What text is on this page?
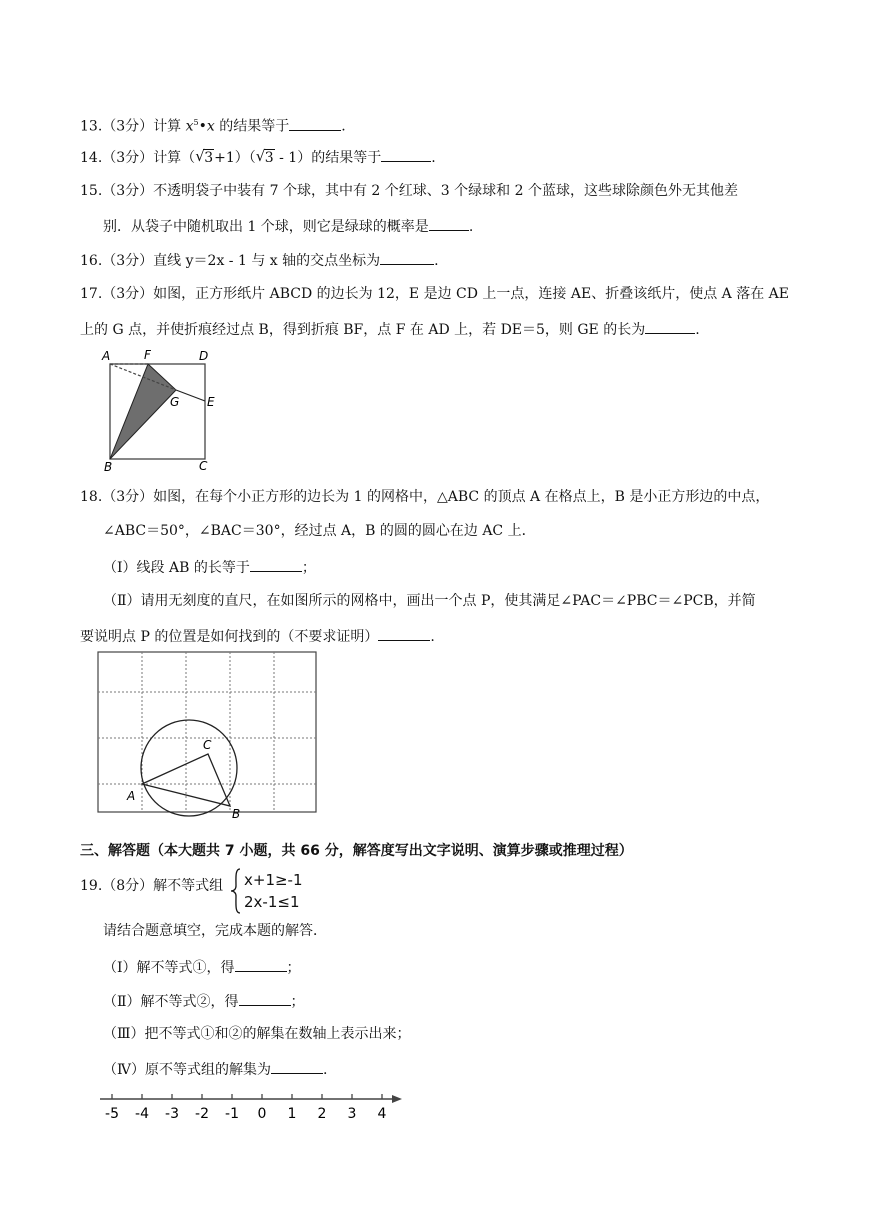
13.（3分）计算 $x^5•x$ 的结果等于	.
14.（3分）计算（ √ 3+1）（ √ 3 - 1）的结果等于	.
15.（3分）不透明袋子中装有 7 个球，其中有 2 个红球、3 个绿球和 2 个蓝球，这些球除颜色外无其他差
别．从袋子中随机取出 1 个球，则它是绿球的概率是	.
16.（3分）直线 y＝2x - 1 与 x 轴的交点坐标为	.
17.（3分）如图，正方形纸片 ABCD 的边长为 12，E 是边 CD 上一点，连接 AE、折叠该纸片，使点 A 落在 AE
上的 G 点，并使折痕经过点 B，得到折痕 BF，点 F 在 AD 上，若 DE＝5，则 GE 的长为	.
A	F	D
G E
B	C
18.（3分）如图，在每个小正方形的边长为 1 的网格中，△ABC 的顶点 A 在格点上，B 是小正方形边的中点，
∠ABC＝50°，∠BAC＝30°，经过点 A，B 的圆的圆心在边 AC 上．
（Ⅰ）线段 AB 的长等于	；
（Ⅱ）请用无刻度的直尺，在如图所示的网格中，画出一个点 P，使其满足∠PAC＝∠PBC＝∠PCB，并简
要说明点 P 的位置是如何找到的（不要求证明）	.
A
B
C
三、解答题（本大题共 7 小题，共 66 分，解答度写出文字说明、演算步骤或推理过程）
19.（8分）解不等式组 x+1≥-1
2x-1≤1
请结合题意填空，完成本题的解答．
（Ⅰ）解不等式①，得	；
（Ⅱ）解不等式②，得	；
（Ⅲ）把不等式①和②的解集在数轴上表示出来；
（Ⅳ）原不等式组的解集为	.
-5 -4 -3 -2 -1 0 1 2 3 4
